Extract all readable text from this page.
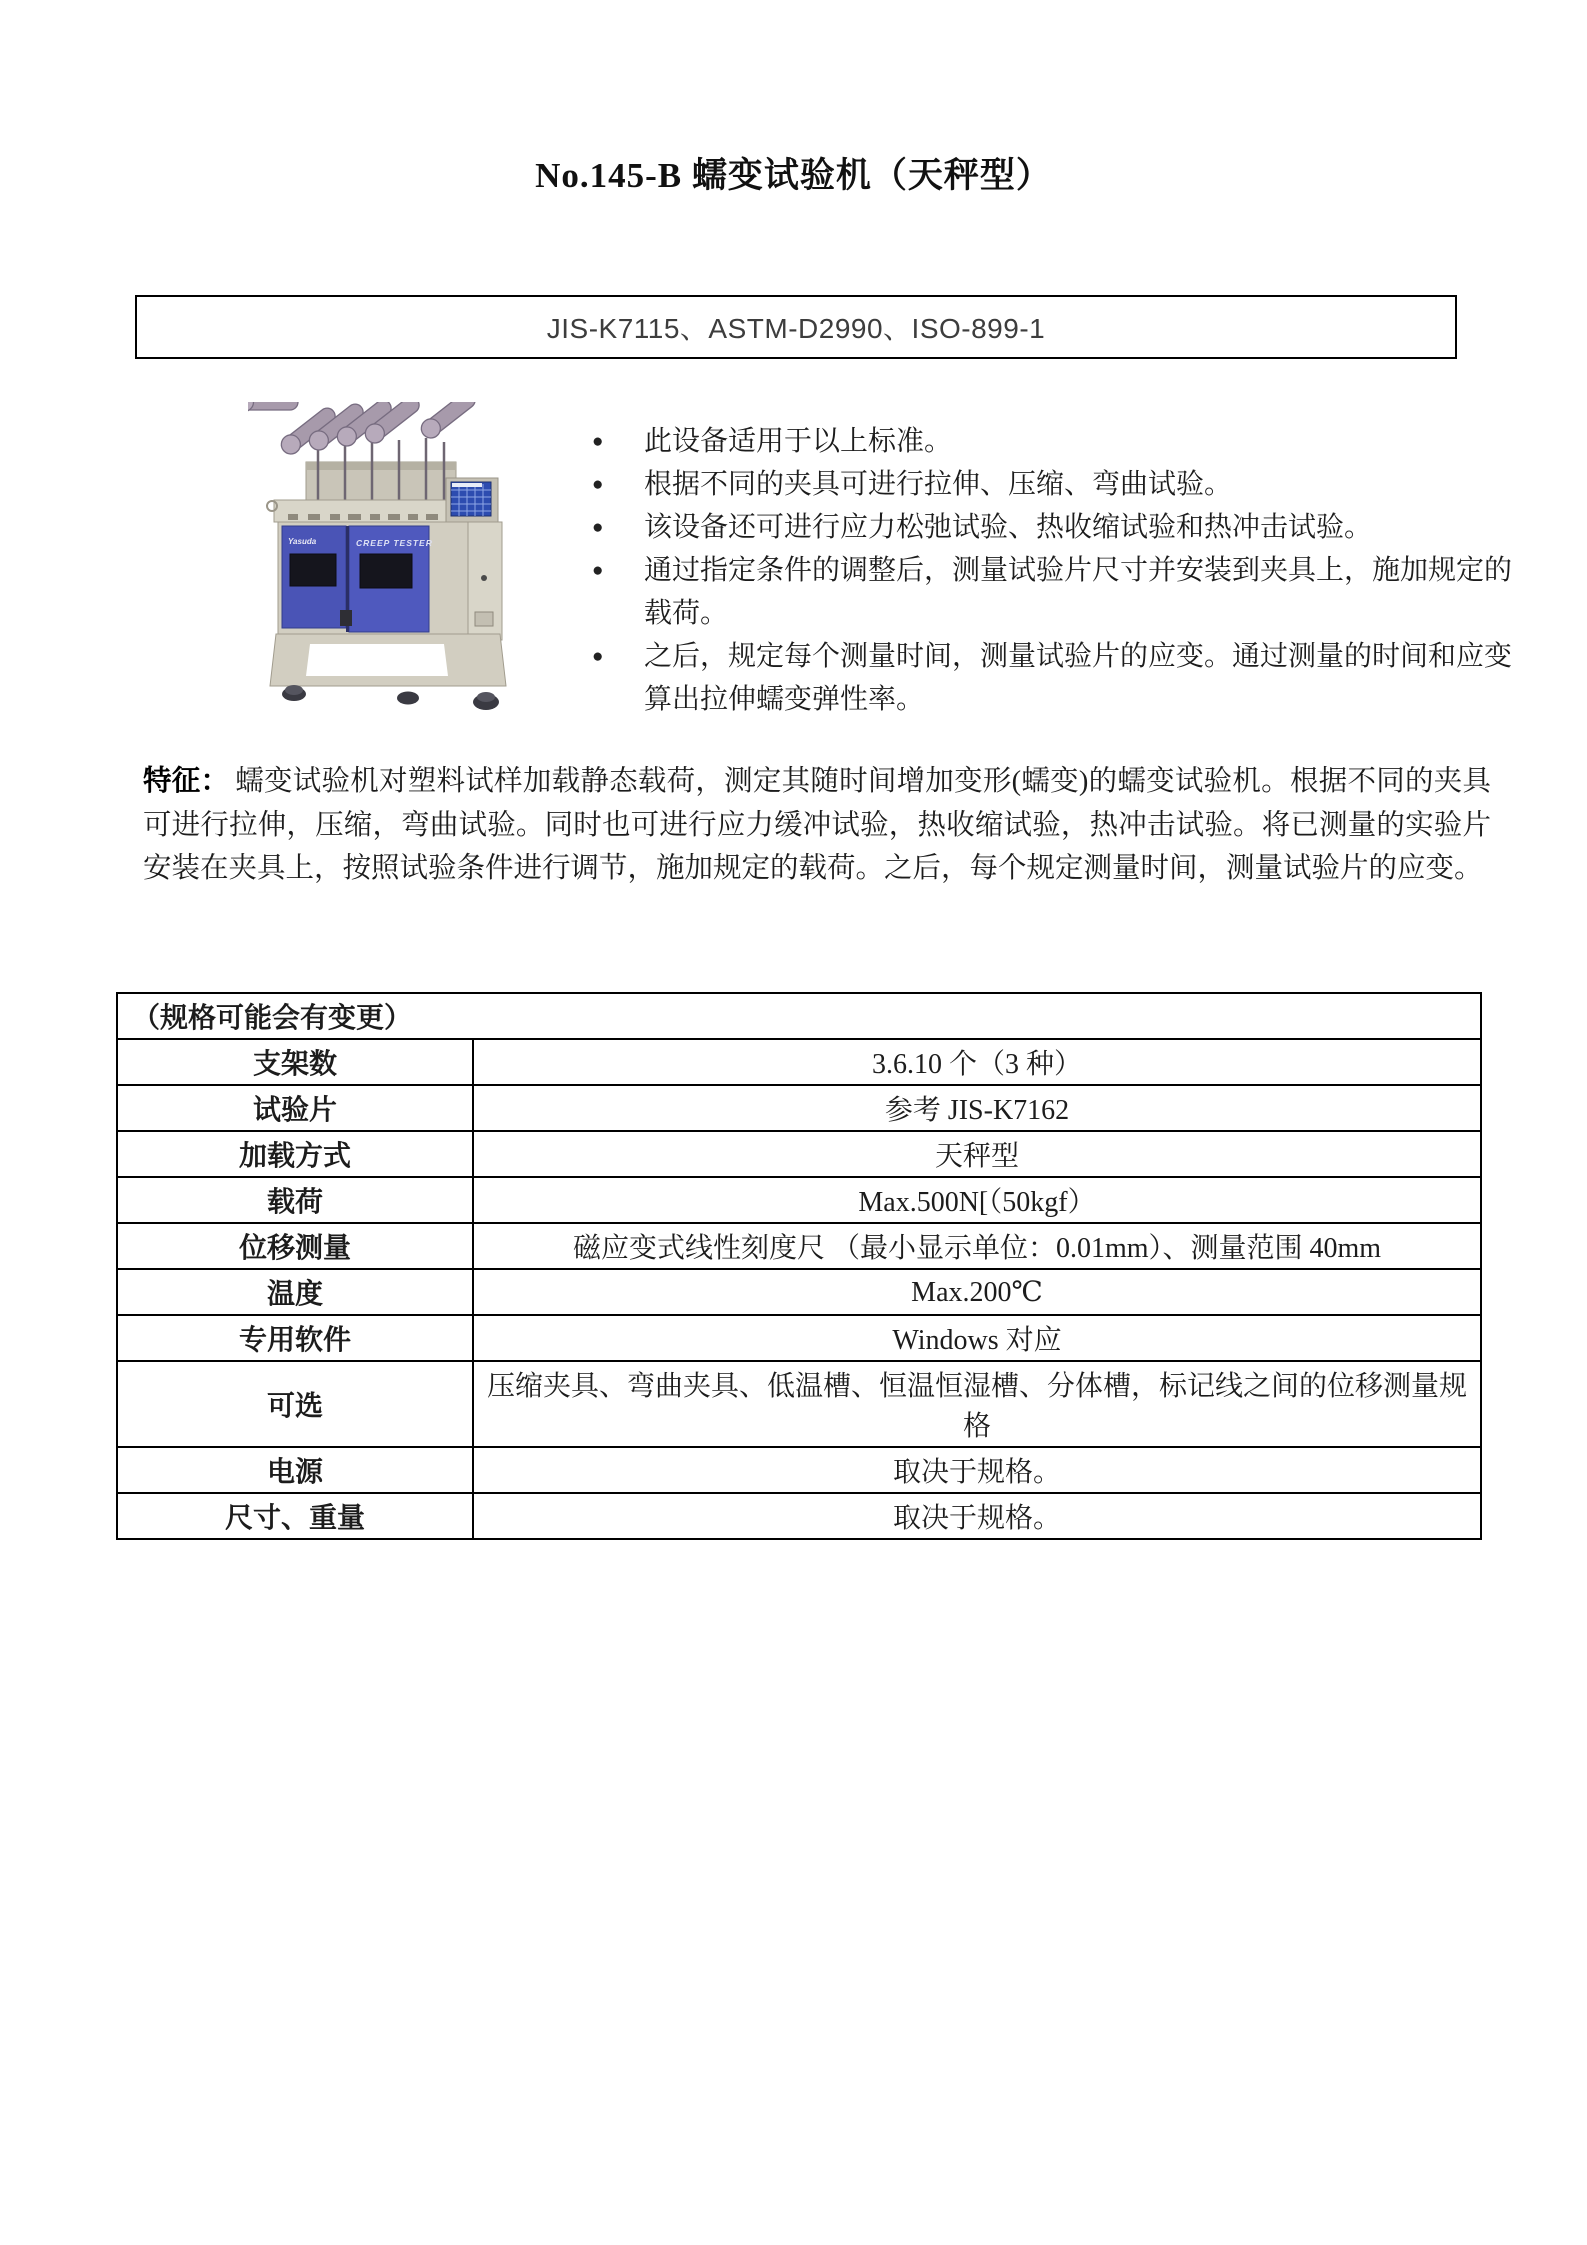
No.145-B 蠕变试验机（天秤型）
JIS-K7115、ASTM-D2990、ISO-899-1
Yasuda	CREEP TESTER
●	此设备适用于以上标准。
●	根据不同的夹具可进行拉伸、压缩、弯曲试验。
●	该设备还可进行应力松弛试验、热收缩试验和热冲击试验。
●	通过指定条件的调整后，测量试验片尺寸并安装到夹具上，施加规定的载荷。
●	之后，规定每个测量时间，测量试验片的应变。通过测量的时间和应变算出拉伸蠕变弹性率。
特征： 蠕变试验机对塑料试样加载静态载荷，测定其随时间增加变形(蠕变)的蠕变试验机。根据不同的夹具可进行拉伸，压缩，弯曲试验。同时也可进行应力缓冲试验，热收缩试验，热冲击试验。将已测量的实验片安装在夹具上，按照试验条件进行调节，施加规定的载荷。之后，每个规定测量时间，测量试验片的应变。
（规格可能会有变更）	
支架数	3.6.10 个（3 种）
试验片	参考 JIS-K7162
加载方式	天秤型
载荷	Max.500N[（50kgf）
位移测量	磁应变式线性刻度尺 （最小显示单位：0.01mm）、测量范围 40mm
温度	Max.200℃
专用软件	Windows 对应
可选	压缩夹具、弯曲夹具、低温槽、恒温恒湿槽、分体槽，标记线之间的位移测量规格
电源	取决于规格。
尺寸、重量	取决于规格。
